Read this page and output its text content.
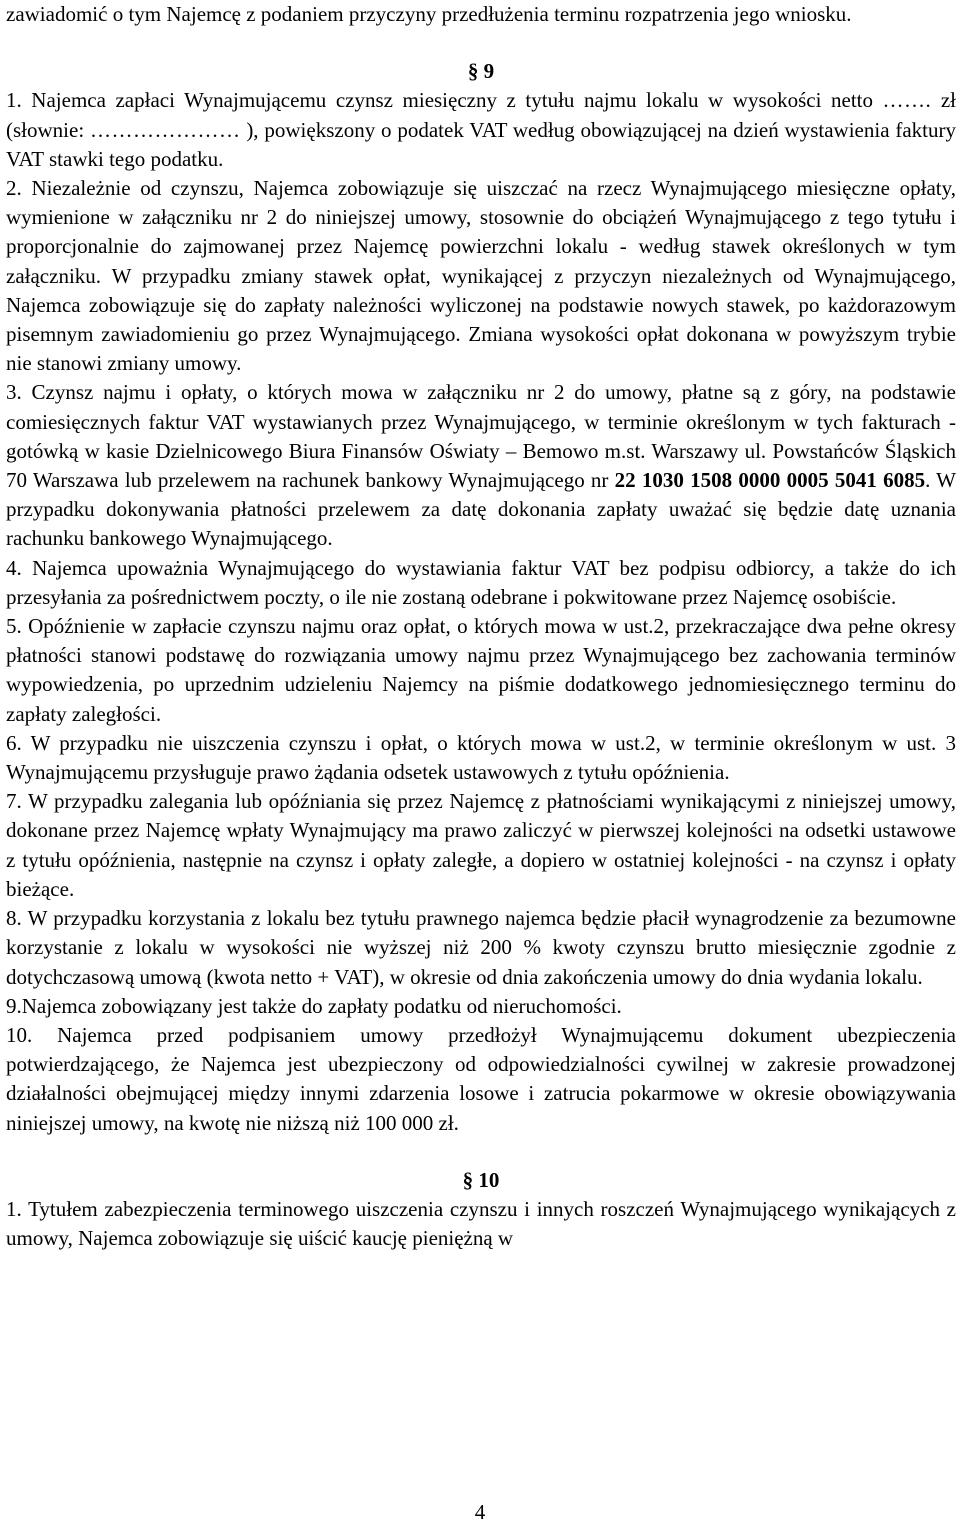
zawiadomić o tym Najemcę z podaniem przyczyny przedłużenia terminu rozpatrzenia jego wniosku.

§ 9

1. Najemca zapłaci Wynajmującemu czynsz miesięczny z tytułu najmu lokalu w wysokości netto ……. zł (słownie: ………………… ), powiększony o podatek VAT według obowiązującej na dzień wystawienia faktury VAT stawki tego podatku.

2. Niezależnie od czynszu, Najemca zobowiązuje się uiszczać na rzecz Wynajmującego miesięczne opłaty, wymienione w załączniku nr 2 do niniejszej umowy, stosownie do obciążeń Wynajmującego z tego tytułu i proporcjonalnie do zajmowanej przez Najemcę powierzchni lokalu - według stawek określonych w tym załączniku. W przypadku zmiany stawek opłat, wynikającej z przyczyn niezależnych od Wynajmującego, Najemca zobowiązuje się do zapłaty należności wyliczonej na podstawie nowych stawek, po każdorazowym pisemnym zawiadomieniu go przez Wynajmującego. Zmiana wysokości opłat dokonana w powyższym trybie nie stanowi zmiany umowy.

3. Czynsz najmu i opłaty, o których mowa w załączniku nr 2 do umowy, płatne są z góry, na podstawie comiesięcznych faktur VAT wystawianych przez Wynajmującego, w terminie określonym w tych fakturach - gotówką w kasie Dzielnicowego Biura Finansów Oświaty – Bemowo m.st. Warszawy ul. Powstańców Śląskich 70 Warszawa lub przelewem na rachunek bankowy Wynajmującego nr 22 1030 1508 0000 0005 5041 6085. W przypadku dokonywania płatności przelewem za datę dokonania zapłaty uważać się będzie datę uznania rachunku bankowego Wynajmującego.

4. Najemca upoważnia Wynajmującego do wystawiania faktur VAT bez podpisu odbiorcy, a także do ich przesyłania za pośrednictwem poczty, o ile nie zostaną odebrane i pokwitowane przez Najemcę osobiście.

5. Opóźnienie w zapłacie czynszu najmu oraz opłat, o których mowa w ust.2, przekraczające dwa pełne okresy płatności stanowi podstawę do rozwiązania umowy najmu przez Wynajmującego bez zachowania terminów wypowiedzenia, po uprzednim udzieleniu Najemcy na piśmie dodatkowego jednomiesięcznego terminu do zapłaty zaległości.

6. W przypadku nie uiszczenia czynszu i opłat, o których mowa w ust.2, w terminie określonym w ust. 3 Wynajmującemu przysługuje prawo żądania odsetek ustawowych z tytułu opóźnienia.

7. W przypadku zalegania lub opóźniania się przez Najemcę z płatnościami wynikającymi z niniejszej umowy, dokonane przez Najemcę wpłaty Wynajmujący ma prawo zaliczyć w pierwszej kolejności na odsetki ustawowe z tytułu opóźnienia, następnie na czynsz i opłaty zaległe, a dopiero w ostatniej kolejności - na czynsz i opłaty bieżące.

8. W przypadku korzystania z lokalu bez tytułu prawnego najemca będzie płacił wynagrodzenie za bezumowne korzystanie z lokalu w wysokości nie wyższej niż 200 % kwoty czynszu brutto miesięcznie zgodnie z dotychczasową umową (kwota netto + VAT), w okresie od dnia zakończenia umowy do dnia wydania lokalu.

9.Najemca zobowiązany jest także do zapłaty podatku od nieruchomości.

10. Najemca przed podpisaniem umowy przedłożył Wynajmującemu dokument ubezpieczenia potwierdzającego, że Najemca jest ubezpieczony od odpowiedzialności cywilnej w zakresie prowadzonej działalności obejmującej między innymi zdarzenia losowe i zatrucia pokarmowe w okresie obowiązywania niniejszej umowy, na kwotę nie niższą niż 100 000 zł.

§ 10

1. Tytułem zabezpieczenia terminowego uiszczenia czynszu i innych roszczeń Wynajmującego wynikających z umowy, Najemca zobowiązuje się uiścić kaucję pieniężną w

4
